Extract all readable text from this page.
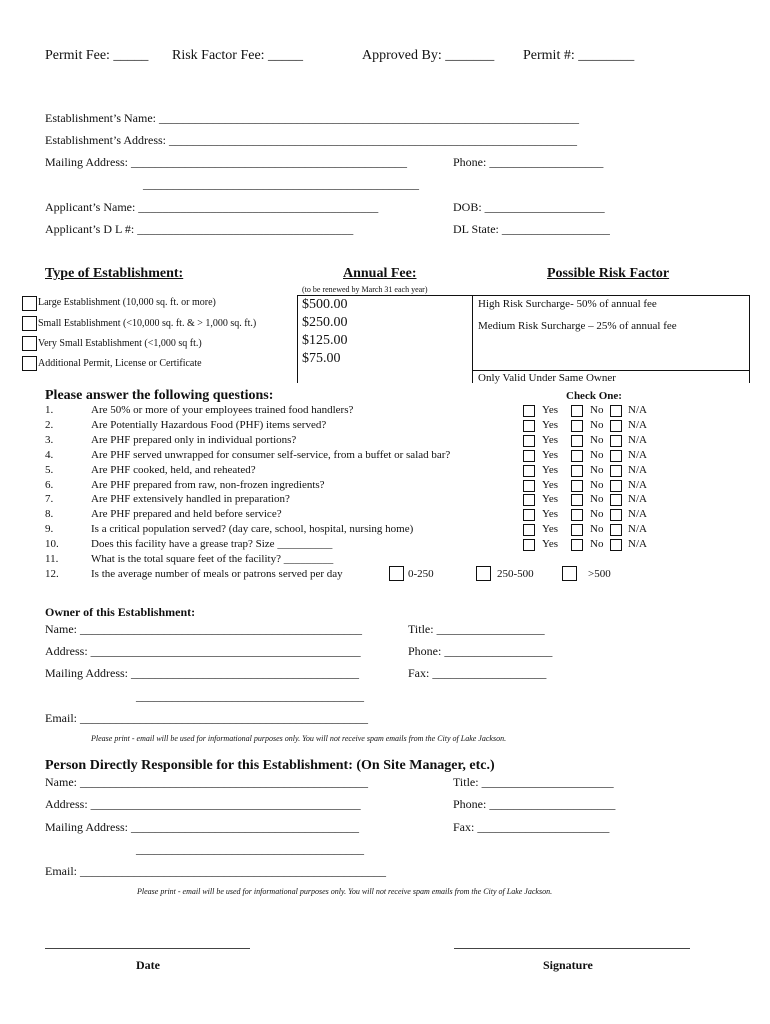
Permit Fee: _____ Risk Factor Fee: _____	Approved By: _______ Permit #: ________
Establishment’s Name: ______________________________________________________________________
Establishment’s Address: ____________________________________________________________________
Mailing Address: ______________________________________________	Phone: ___________________
______________________________________________
Applicant’s Name: ________________________________________	DOB: ____________________
Applicant’s D L #: ____________________________________	DL State: __________________
Type of Establishment:	Annual Fee:	Possible Risk Factor
(to be renewed by March 31 each year)
Large Establishment (10,000 sq. ft. or more)	$500.00
Small Establishment (<10,000 sq. ft. & > 1,000 sq. ft.)	$250.00
Very Small Establishment (<1,000 sq ft.)	$125.00
Additional Permit, License or Certificate	$75.00
High Risk Surcharge- 50% of annual fee
Medium Risk Surcharge – 25% of annual fee
Only Valid Under Same Owner
Please answer the following questions:	Check One:
1.	Are 50% or more of your employees trained food handlers?	Yes	No N/A
2.	Are Potentially Hazardous Food (PHF) items served?	Yes	No N/A
3.	Are PHF prepared only in individual portions?	Yes	No N/A
4.	Are PHF served unwrapped for consumer self-service, from a buffet or salad bar?	Yes	No N/A
5.	Are PHF cooked, held, and reheated?	Yes	No N/A
6.	Are PHF prepared from raw, non-frozen ingredients?	Yes	No N/A
7.	Are PHF extensively handled in preparation?	Yes	No N/A
8.	Are PHF prepared and held before service?	Yes	No N/A
9.	Is a critical population served? (day care, school, hospital, nursing home)	Yes	No N/A
10.	Does this facility have a grease trap? Size __________	Yes	No N/A
11.	What is the total square feet of the facility? _________
12.	Is the average number of meals or patrons served per day	0-250	250-500	>500
Owner of this Establishment:
Name: _______________________________________________	Title: __________________
Address: _____________________________________________	Phone: __________________
Mailing Address: ______________________________________	Fax: ___________________
______________________________________
Email: ________________________________________________
Please print - email will be used for informational purposes only. You will not receive spam emails from the City of Lake Jackson.
Person Directly Responsible for this Establishment: (On Site Manager, etc.)
Name: ________________________________________________	Title: ______________________
Address: _____________________________________________	Phone: _____________________
Mailing Address: ______________________________________	Fax: ______________________
______________________________________
Email: ___________________________________________________
Please print - email will be used for informational purposes only. You will not receive spam emails from the City of Lake Jackson.
Date	Signature
